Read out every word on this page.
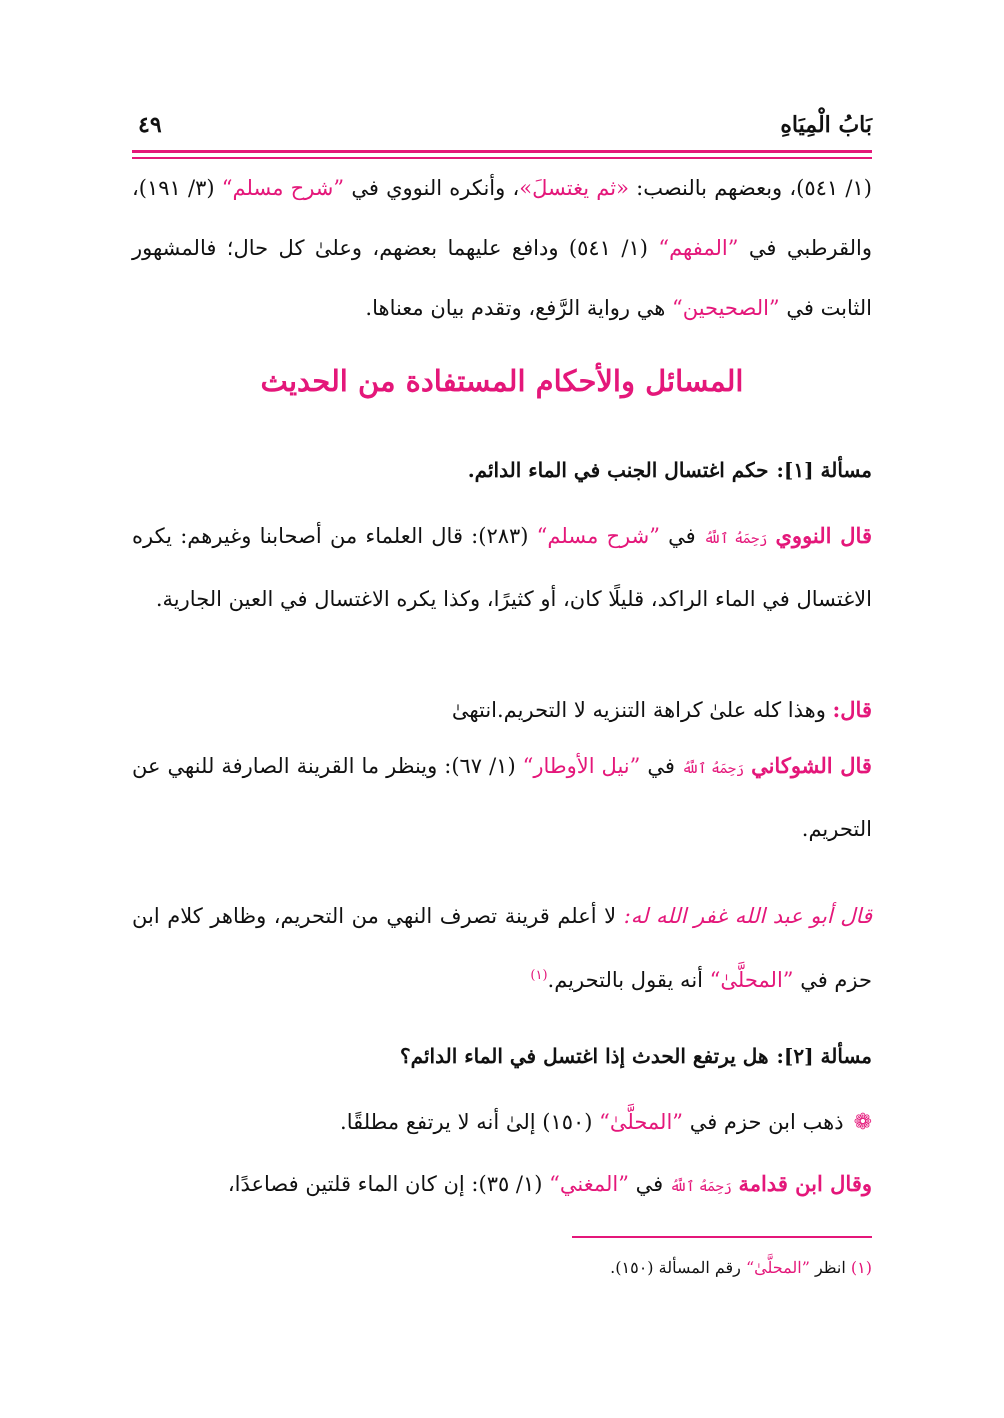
بَابُ الْمِيَاهِ
٤٩

(١/ ٥٤١)، وبعضهم بالنصب: «ثم يغتسلَ»، وأنكره النووي في ”شرح مسلم“ (٣/ ١٩١)، والقرطبي في ”المفهم“ (١/ ٥٤١) ودافع عليهما بعضهم، وعلىٰ كل حال؛ فالمشهور الثابت في ”الصحيحين“ هي رواية الرَّفع، وتقدم بيان معناها.

المسائل والأحكام المستفادة من الحديث
مسألة [١]:حكم اغتسال الجنب في الماء الدائم.

قال النووي رَحِمَهُ ٱللَّهُ في ”شرح مسلم“ (٢٨٣): قال العلماء من أصحابنا وغيرهم: يكره الاغتسال في الماء الراكد، قليلًا كان، أو كثيرًا، وكذا يكره الاغتسال في العين الجارية.

قال: وهذا كله علىٰ كراهة التنزيه لا التحريم.انتهىٰ

قال الشوكاني رَحِمَهُ ٱللَّهُ في ”نيل الأوطار“ (١/ ٦٧): وينظر ما القرينة الصارفة للنهي عن التحريم.

قال أبو عبد الله غفر الله له: لا أعلم قرينة تصرف النهي من التحريم، وظاهر كلام ابن حزم في ”المحلَّىٰ“ أنه يقول بالتحريم.$^{(١)}$

مسألة [٢]:هل يرتفع الحدث إذا اغتسل في الماء الدائم؟

❁ذهب ابن حزم في ”المحلَّىٰ“ (١٥٠) إلىٰ أنه لا يرتفع مطلقًا.

وقال ابن قدامة رَحِمَهُ ٱللَّهُ في ”المغني“ (١/ ٣٥): إن كان الماء قلتين فصاعدًا،

(١) انظر ”المحلَّىٰ“ رقم المسألة (١٥٠).
